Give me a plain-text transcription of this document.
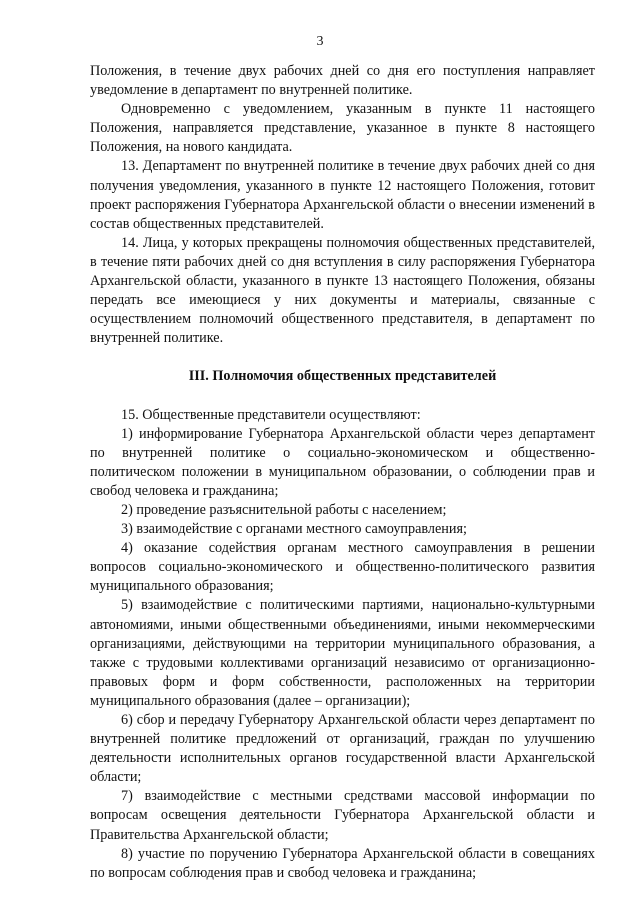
3

Положения, в течение двух рабочих дней со дня его поступления направляет уведомление в департамент по внутренней политике.

Одновременно с уведомлением, указанным в пункте 11 настоящего Положения, направляется представление, указанное в пункте 8 настоящего Положения, на нового кандидата.

13. Департамент по внутренней политике в течение двух рабочих дней со дня получения уведомления, указанного в пункте 12 настоящего Положения, готовит проект распоряжения Губернатора Архангельской области о внесении изменений в состав общественных представителей.

14. Лица, у которых прекращены полномочия общественных представителей, в течение пяти рабочих дней со дня вступления в силу распоряжения Губернатора Архангельской области, указанного в пункте 13 настоящего Положения, обязаны передать все имеющиеся у них документы и материалы, связанные с осуществлением полномочий общественного представителя, в департамент по внутренней политике.

III. Полномочия общественных представителей

15. Общественные представители осуществляют:

1) информирование Губернатора Архангельской области через департамент по внутренней политике о социально-экономическом и общественно-политическом положении в муниципальном образовании, о соблюдении прав и свобод человека и гражданина;

2) проведение разъяснительной работы с населением;

3) взаимодействие с органами местного самоуправления;

4) оказание содействия органам местного самоуправления в решении вопросов социально-экономического и общественно-политического развития муниципального образования;

5) взаимодействие с политическими партиями, национально-культурными автономиями, иными общественными объединениями, иными некоммерческими организациями, действующими на территории муниципального образования, а также с трудовыми коллективами организаций независимо от организационно-правовых форм и форм собственности, расположенных на территории муниципального образования (далее – организации);

6) сбор и передачу Губернатору Архангельской области через департамент по внутренней политике предложений от организаций, граждан по улучшению деятельности исполнительных органов государственной власти Архангельской области;

7) взаимодействие с местными средствами массовой информации по вопросам освещения деятельности Губернатора Архангельской области и Правительства Архангельской области;

8) участие по поручению Губернатора Архангельской области в совещаниях по вопросам соблюдения прав и свобод человека и гражданина;
